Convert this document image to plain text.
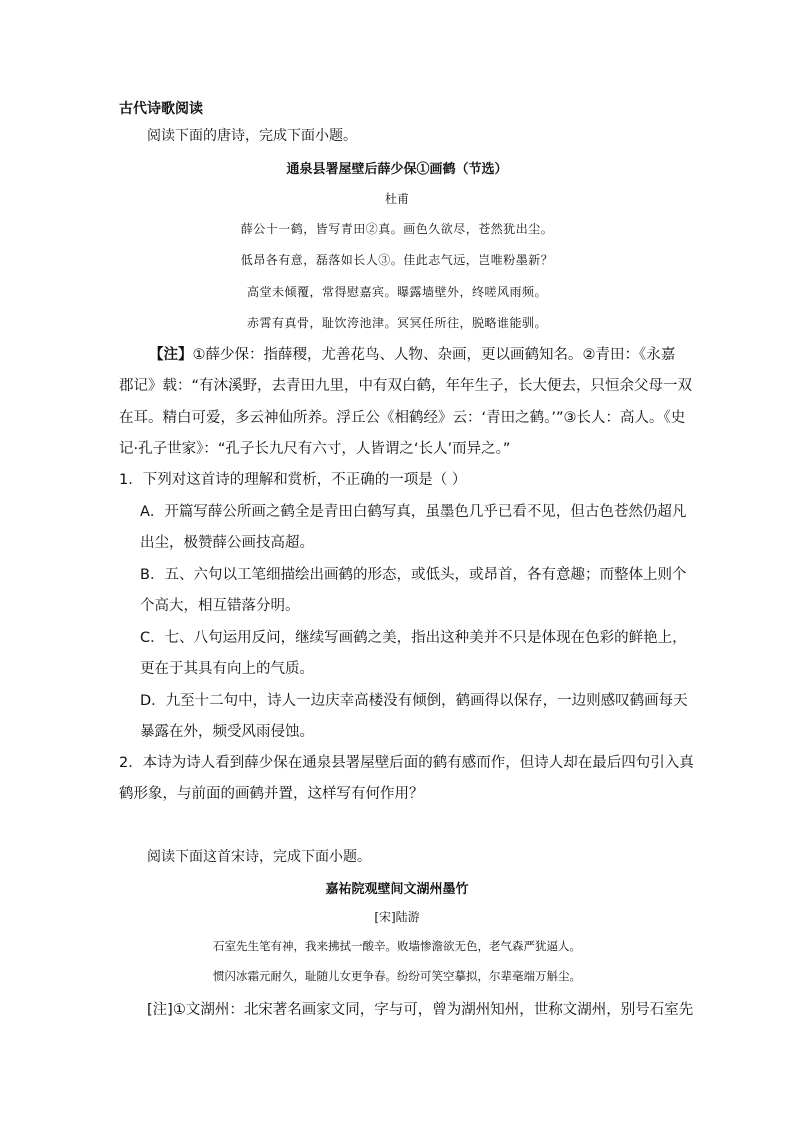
古代诗歌阅读
阅读下面的唐诗，完成下面小题。
通泉县署屋壁后薛少保①画鹤（节选）
杜甫
薛公十一鹤，皆写青田②真。画色久欲尽，苍然犹出尘。
低昂各有意，磊落如长人③。佳此志气远，岂唯粉墨新？
高堂未倾覆，常得慰嘉宾。曝露墙壁外，终嗟风雨频。
赤霄有真骨，耻饮洿池津。冥冥任所往，脱略谁能驯。
【注】①薛少保：指薛稷，尤善花鸟、人物、杂画，更以画鹤知名。②青田：《永嘉
郡记》载：“有沐溪野，去青田九里，中有双白鹤，年年生子，长大便去，只恒余父母一双
在耳。精白可爱，多云神仙所养。浮丘公《相鹤经》云：‘青田之鹤。’”③长人：高人。《史
记·孔子世家》：“孔子长九尺有六寸，人皆谓之‘长人’而异之。”
1．下列对这首诗的理解和赏析，不正确的一项是（ ）
A．开篇写薛公所画之鹤全是青田白鹤写真，虽墨色几乎已看不见，但古色苍然仍超凡
出尘，极赞薛公画技高超。
B．五、六句以工笔细描绘出画鹤的形态，或低头，或昂首，各有意趣；而整体上则个
个高大，相互错落分明。
C．七、八句运用反问，继续写画鹤之美，指出这种美并不只是体现在色彩的鲜艳上，
更在于其具有向上的气质。
D．九至十二句中，诗人一边庆幸高楼没有倾倒，鹤画得以保存，一边则感叹鹤画每天
暴露在外，频受风雨侵蚀。
2．本诗为诗人看到薛少保在通泉县署屋壁后面的鹤有感而作，但诗人却在最后四句引入真
鹤形象，与前面的画鹤并置，这样写有何作用？
阅读下面这首宋诗，完成下面小题。
嘉祐院观壁间文湖州墨竹
[宋]陆游
石室先生笔有神，我来拂拭一酸辛。败墙惨澹欲无色，老气森严犹逼人。
惯闪冰霜元耐久，耻随儿女更争春。纷纷可笑空摹拟，尔辈毫端万斛尘。
[注]①文湖州：北宋著名画家文同，字与可，曾为湖州知州，世称文湖州，别号石室先
